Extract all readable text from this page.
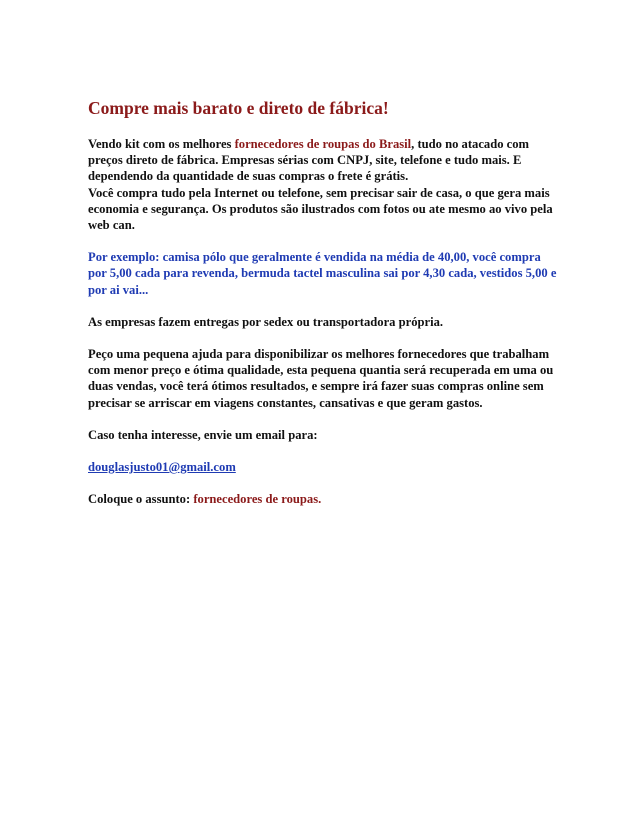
Compre mais barato e direto de fábrica!

Vendo kit com os melhores fornecedores de roupas do Brasil, tudo no atacado com preços direto de fábrica. Empresas sérias com CNPJ, site, telefone e tudo mais. E dependendo da quantidade de suas compras o frete é grátis.
Você compra tudo pela Internet ou telefone, sem precisar sair de casa, o que gera mais economia e segurança. Os produtos são ilustrados com fotos ou ate mesmo ao vivo pela web can.

Por exemplo: camisa pólo que geralmente é vendida na média de 40,00, você compra por 5,00 cada para revenda, bermuda tactel masculina sai por 4,30 cada, vestidos 5,00 e por ai vai...

As empresas fazem entregas por sedex ou transportadora própria.

Peço uma pequena ajuda para disponibilizar os melhores fornecedores que trabalham com menor preço e ótima qualidade, esta pequena quantia será recuperada em uma ou duas vendas, você terá ótimos resultados, e sempre irá fazer suas compras online sem precisar se arriscar em viagens constantes, cansativas e que geram gastos.

Caso tenha interesse, envie um email para:

douglasjusto01@gmail.com

Coloque o assunto: fornecedores de roupas.
